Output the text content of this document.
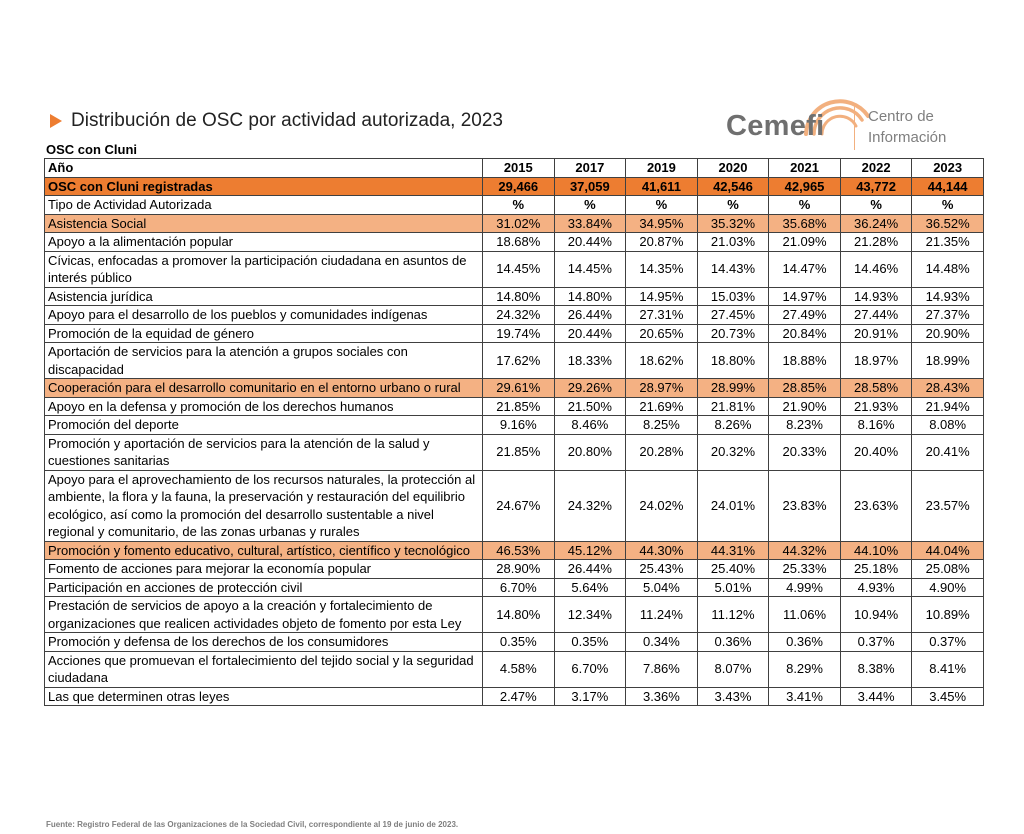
Distribución de OSC por actividad autorizada, 2023	Cemefi	Centro de
Información
OSC con Cluni
Año	2015	2017	2019	2020	2021	2022	2023
OSC con Cluni registradas	29,466	37,059	41,611	42,546	42,965	43,772	44,144
Tipo de Actividad Autorizada	%	%	%	%	%	%	%
Asistencia Social	31.02%	33.84%	34.95%	35.32%	35.68%	36.24%	36.52%
Apoyo a la alimentación popular	18.68%	20.44%	20.87%	21.03%	21.09%	21.28%	21.35%
Cívicas, enfocadas a promover la participación ciudadana en asuntos de interés público	14.45%	14.45%	14.35%	14.43%	14.47%	14.46%	14.48%
Asistencia jurídica	14.80%	14.80%	14.95%	15.03%	14.97%	14.93%	14.93%
Apoyo para el desarrollo de los pueblos y comunidades indígenas	24.32%	26.44%	27.31%	27.45%	27.49%	27.44%	27.37%
Promoción de la equidad de género	19.74%	20.44%	20.65%	20.73%	20.84%	20.91%	20.90%
Aportación de servicios para la atención a grupos sociales con discapacidad	17.62%	18.33%	18.62%	18.80%	18.88%	18.97%	18.99%
Cooperación para el desarrollo comunitario en el entorno urbano o rural	29.61%	29.26%	28.97%	28.99%	28.85%	28.58%	28.43%
Apoyo en la defensa y promoción de los derechos humanos	21.85%	21.50%	21.69%	21.81%	21.90%	21.93%	21.94%
Promoción del deporte	9.16%	8.46%	8.25%	8.26%	8.23%	8.16%	8.08%
Promoción y aportación de servicios para la atención de la salud y cuestiones sanitarias	21.85%	20.80%	20.28%	20.32%	20.33%	20.40%	20.41%
Apoyo para el aprovechamiento de los recursos naturales, la protección al ambiente, la flora y la fauna, la preservación y restauración del equilibrio ecológico, así como la promoción del desarrollo sustentable a nivel regional y comunitario, de las zonas urbanas y rurales	24.67%	24.32%	24.02%	24.01%	23.83%	23.63%	23.57%
Promoción y fomento educativo, cultural, artístico, científico y tecnológico	46.53%	45.12%	44.30%	44.31%	44.32%	44.10%	44.04%
Fomento de acciones para mejorar la economía popular	28.90%	26.44%	25.43%	25.40%	25.33%	25.18%	25.08%
Participación en acciones de protección civil	6.70%	5.64%	5.04%	5.01%	4.99%	4.93%	4.90%
Prestación de servicios de apoyo a la creación y fortalecimiento de organizaciones que realicen actividades objeto de fomento por esta Ley	14.80%	12.34%	11.24%	11.12%	11.06%	10.94%	10.89%
Promoción y defensa de los derechos de los consumidores	0.35%	0.35%	0.34%	0.36%	0.36%	0.37%	0.37%
Acciones que promuevan el fortalecimiento del tejido social y la seguridad ciudadana	4.58%	6.70%	7.86%	8.07%	8.29%	8.38%	8.41%
Las que determinen otras leyes	2.47%	3.17%	3.36%	3.43%	3.41%	3.44%	3.45%
Fuente: Registro Federal de las Organizaciones de la Sociedad Civil, correspondiente al 19 de junio de 2023.
